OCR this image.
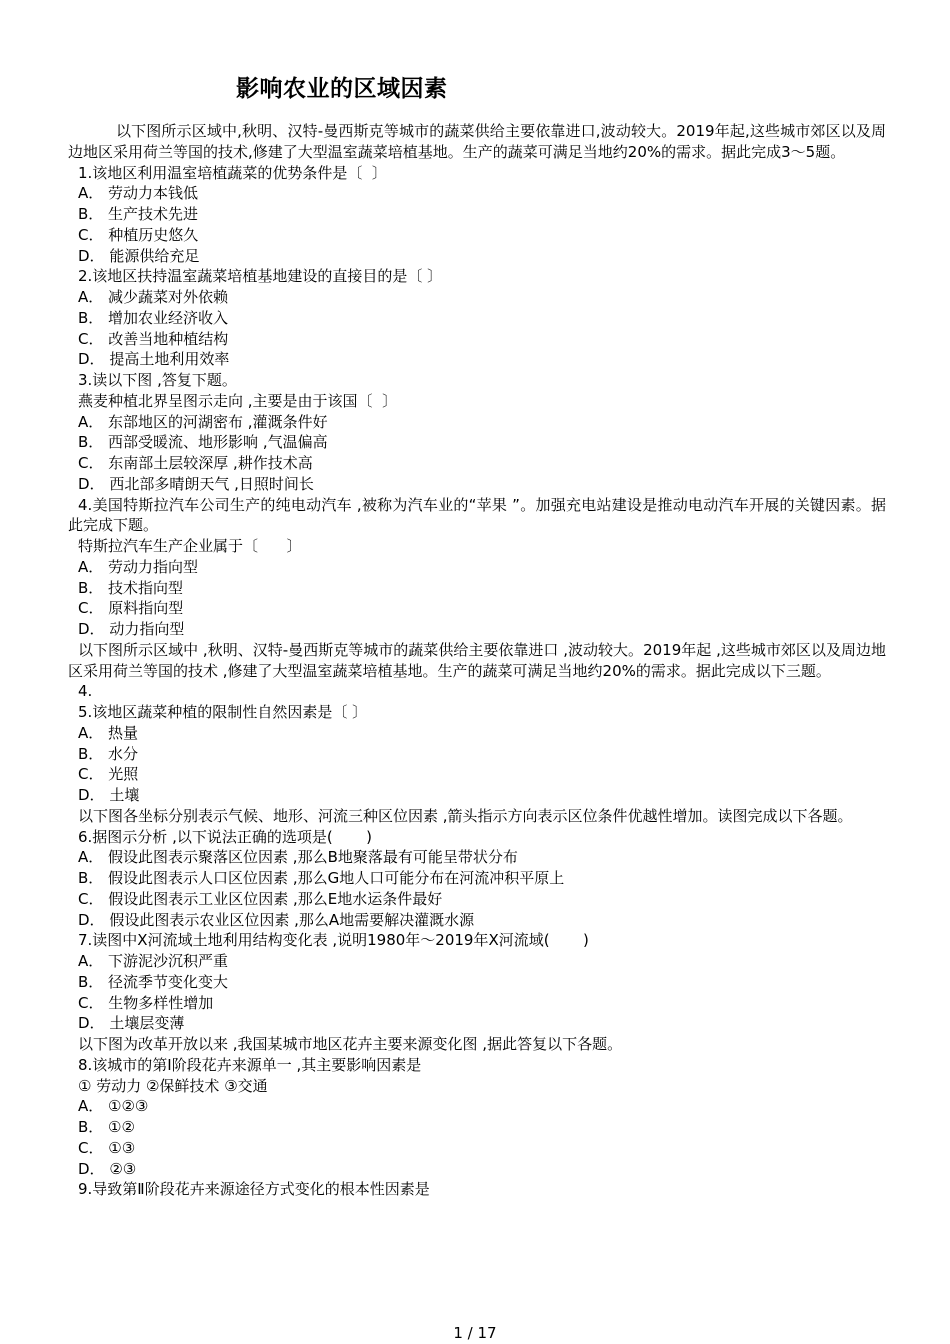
影响农业的区域因素

以下图所示区域中,秋明、汉特-曼西斯克等城市的蔬菜供给主要依靠进口,波动较大。2019年起,这些城市郊区以及周边地区采用荷兰等国的技术,修建了大型温室蔬菜培植基地。生产的蔬菜可满足当地约20%的需求。据此完成3～5题。

1.该地区利用温室培植蔬菜的优势条件是〔  〕

A． 劳动力本钱低

B． 生产技术先进

C． 种植历史悠久

D． 能源供给充足

2.该地区扶持温室蔬菜培植基地建设的直接目的是〔 〕

A． 减少蔬菜对外依赖

B． 增加农业经济收入

C． 改善当地种植结构

D． 提高土地利用效率

3.读以下图 ,答复下题。

燕麦种植北界呈图示走向 ,主要是由于该国〔  〕

A． 东部地区的河湖密布 ,灌溉条件好

B． 西部受暖流、地形影响 ,气温偏高

C． 东南部土层较深厚 ,耕作技术高

D． 西北部多晴朗天气 ,日照时间长

4.美国特斯拉汽车公司生产的纯电动汽车 ,被称为汽车业的“苹果 ”。加强充电站建设是推动电动汽车开展的关键因素。据此完成下题。

特斯拉汽车生产企业属于〔      〕

A． 劳动力指向型

B． 技术指向型

C． 原料指向型

D． 动力指向型

以下图所示区域中 ,秋明、汉特-曼西斯克等城市的蔬菜供给主要依靠进口 ,波动较大。2019年起 ,这些城市郊区以及周边地区采用荷兰等国的技术 ,修建了大型温室蔬菜培植基地。生产的蔬菜可满足当地约20%的需求。据此完成以下三题。

4.

5.该地区蔬菜种植的限制性自然因素是〔 〕

A． 热量

B． 水分

C． 光照

D． 土壤

以下图各坐标分别表示气候、地形、河流三种区位因素 ,箭头指示方向表示区位条件优越性增加。读图完成以下各题。

6.据图示分析 ,以下说法正确的选项是(       )

A． 假设此图表示聚落区位因素 ,那么B地聚落最有可能呈带状分布

B． 假设此图表示人口区位因素 ,那么G地人口可能分布在河流冲积平原上

C． 假设此图表示工业区位因素 ,那么E地水运条件最好

D． 假设此图表示农业区位因素 ,那么A地需要解决灌溉水源

7.读图中X河流域土地利用结构变化表 ,说明1980年～2019年X河流域(       )

A． 下游泥沙沉积严重

B． 径流季节变化变大

C． 生物多样性增加

D． 土壤层变薄

以下图为改革开放以来 ,我国某城市地区花卉主要来源变化图 ,据此答复以下各题。

8.该城市的第Ⅰ阶段花卉来源单一 ,其主要影响因素是

① 劳动力 ②保鲜技术 ③交通

A． ①②③

B． ①②

C． ①③

D． ②③

9.导致第Ⅱ阶段花卉来源途径方式变化的根本性因素是

1 / 17
